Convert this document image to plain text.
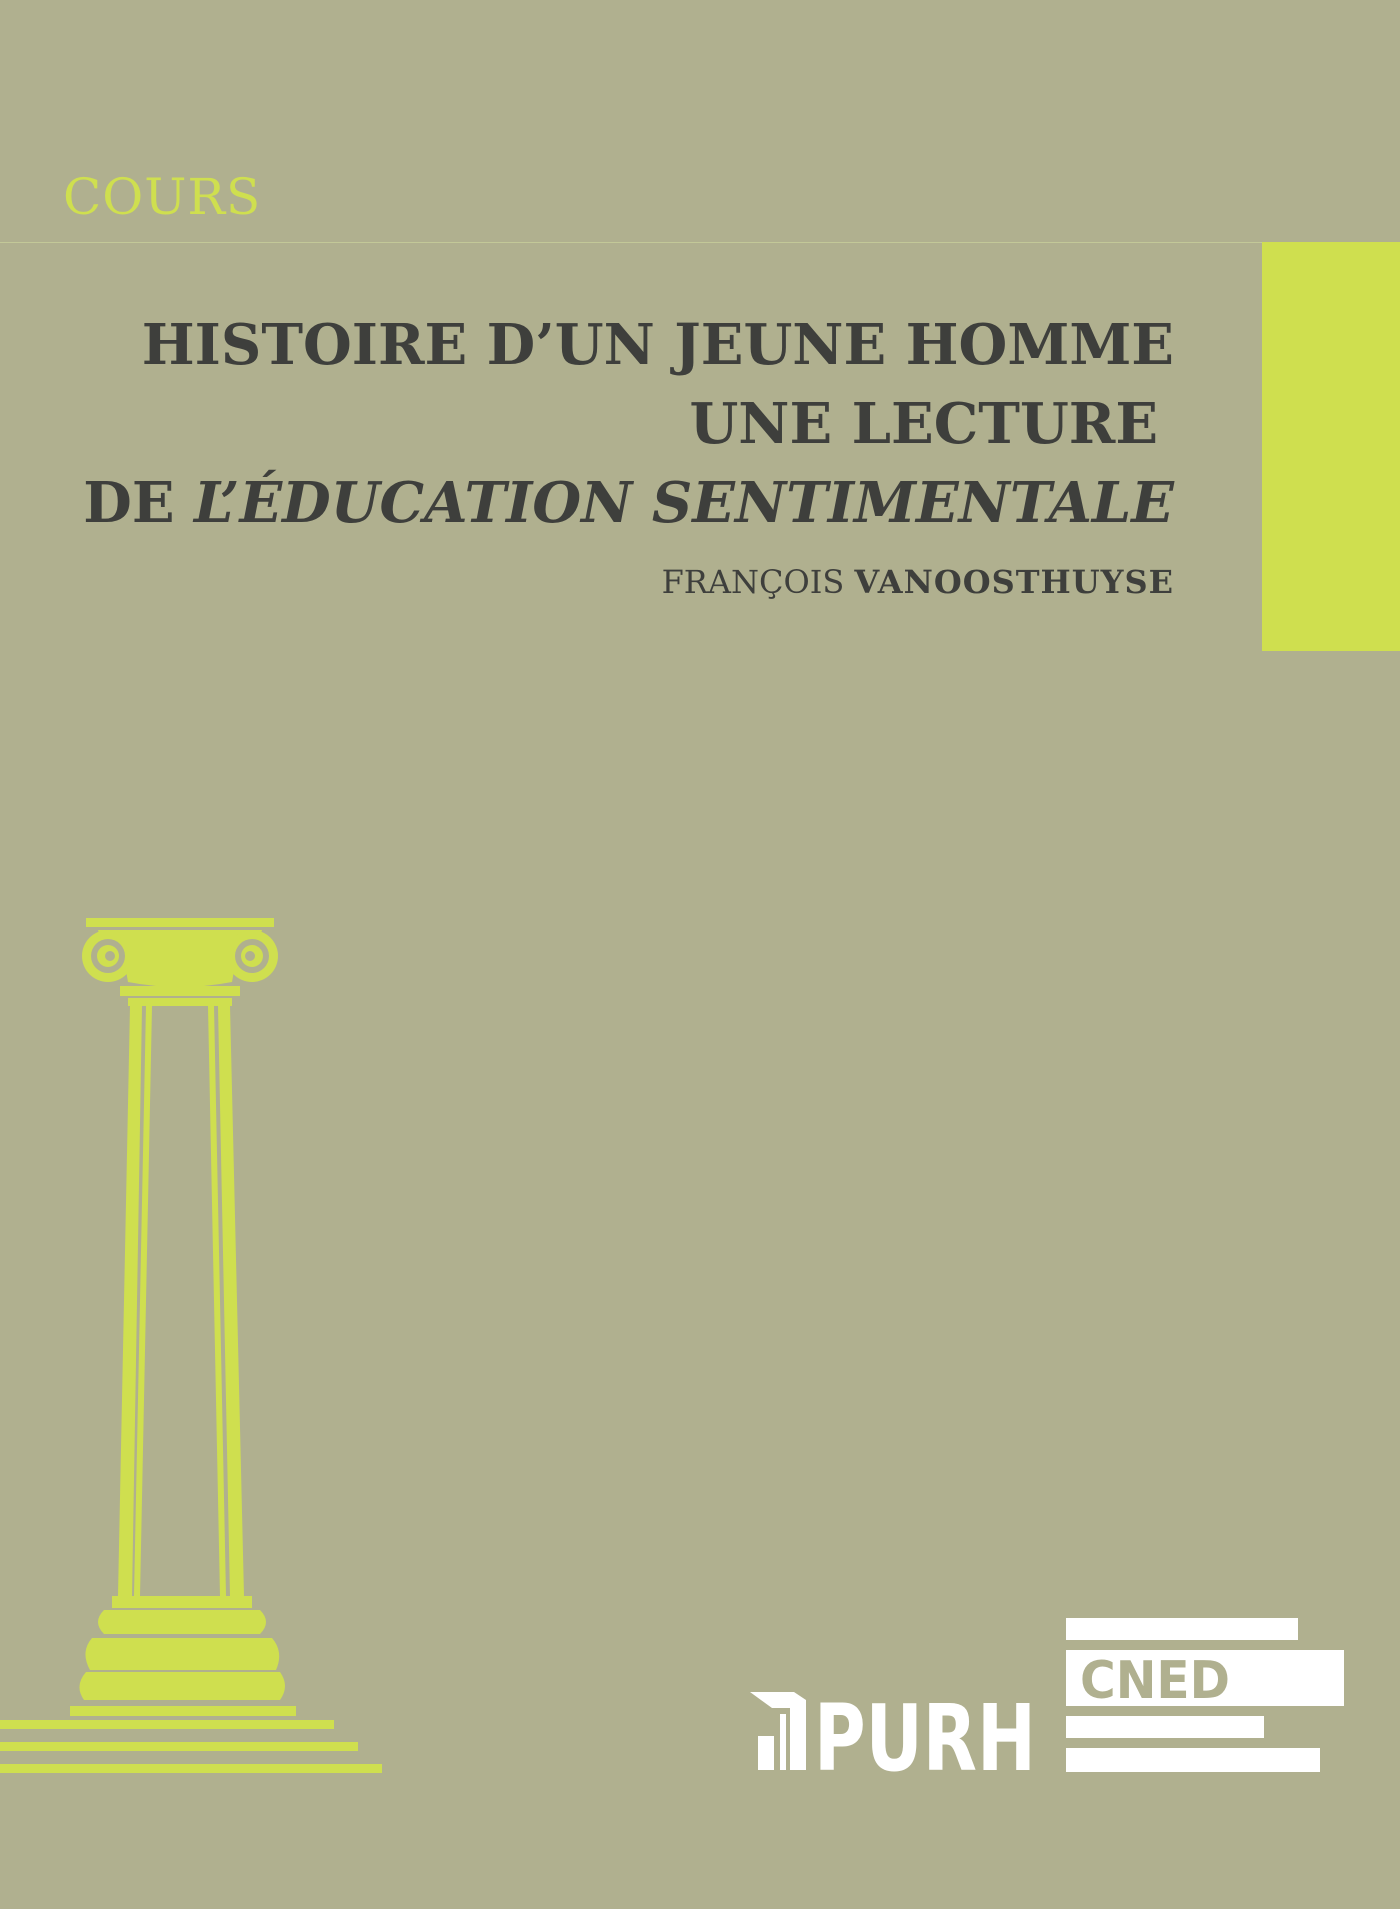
COURS
HISTOIRE D’UN JEUNE HOMME
UNE LECTURE
DE L’ÉDUCATION SENTIMENTALE
FRANÇOIS VANOOSTHUYSE
PURH
CNED
